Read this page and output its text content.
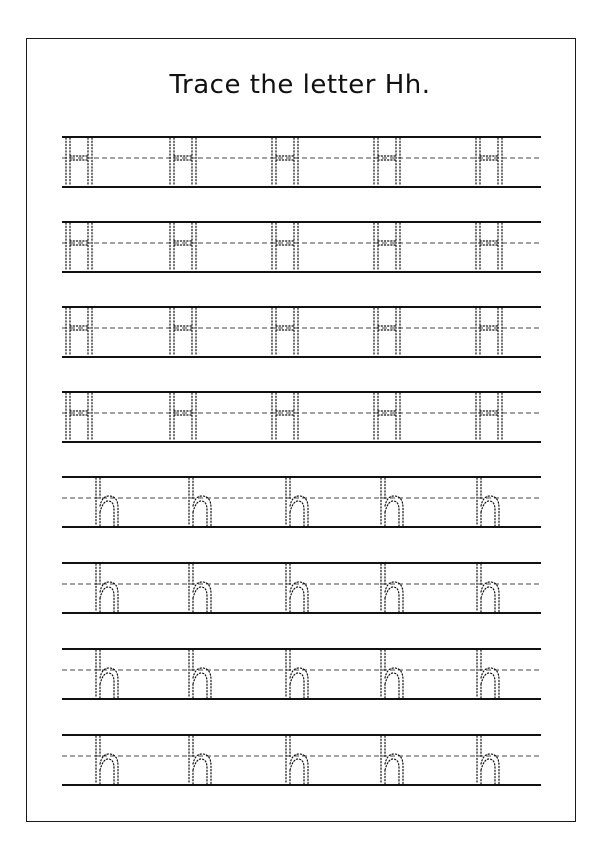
Trace the letter Hh.
